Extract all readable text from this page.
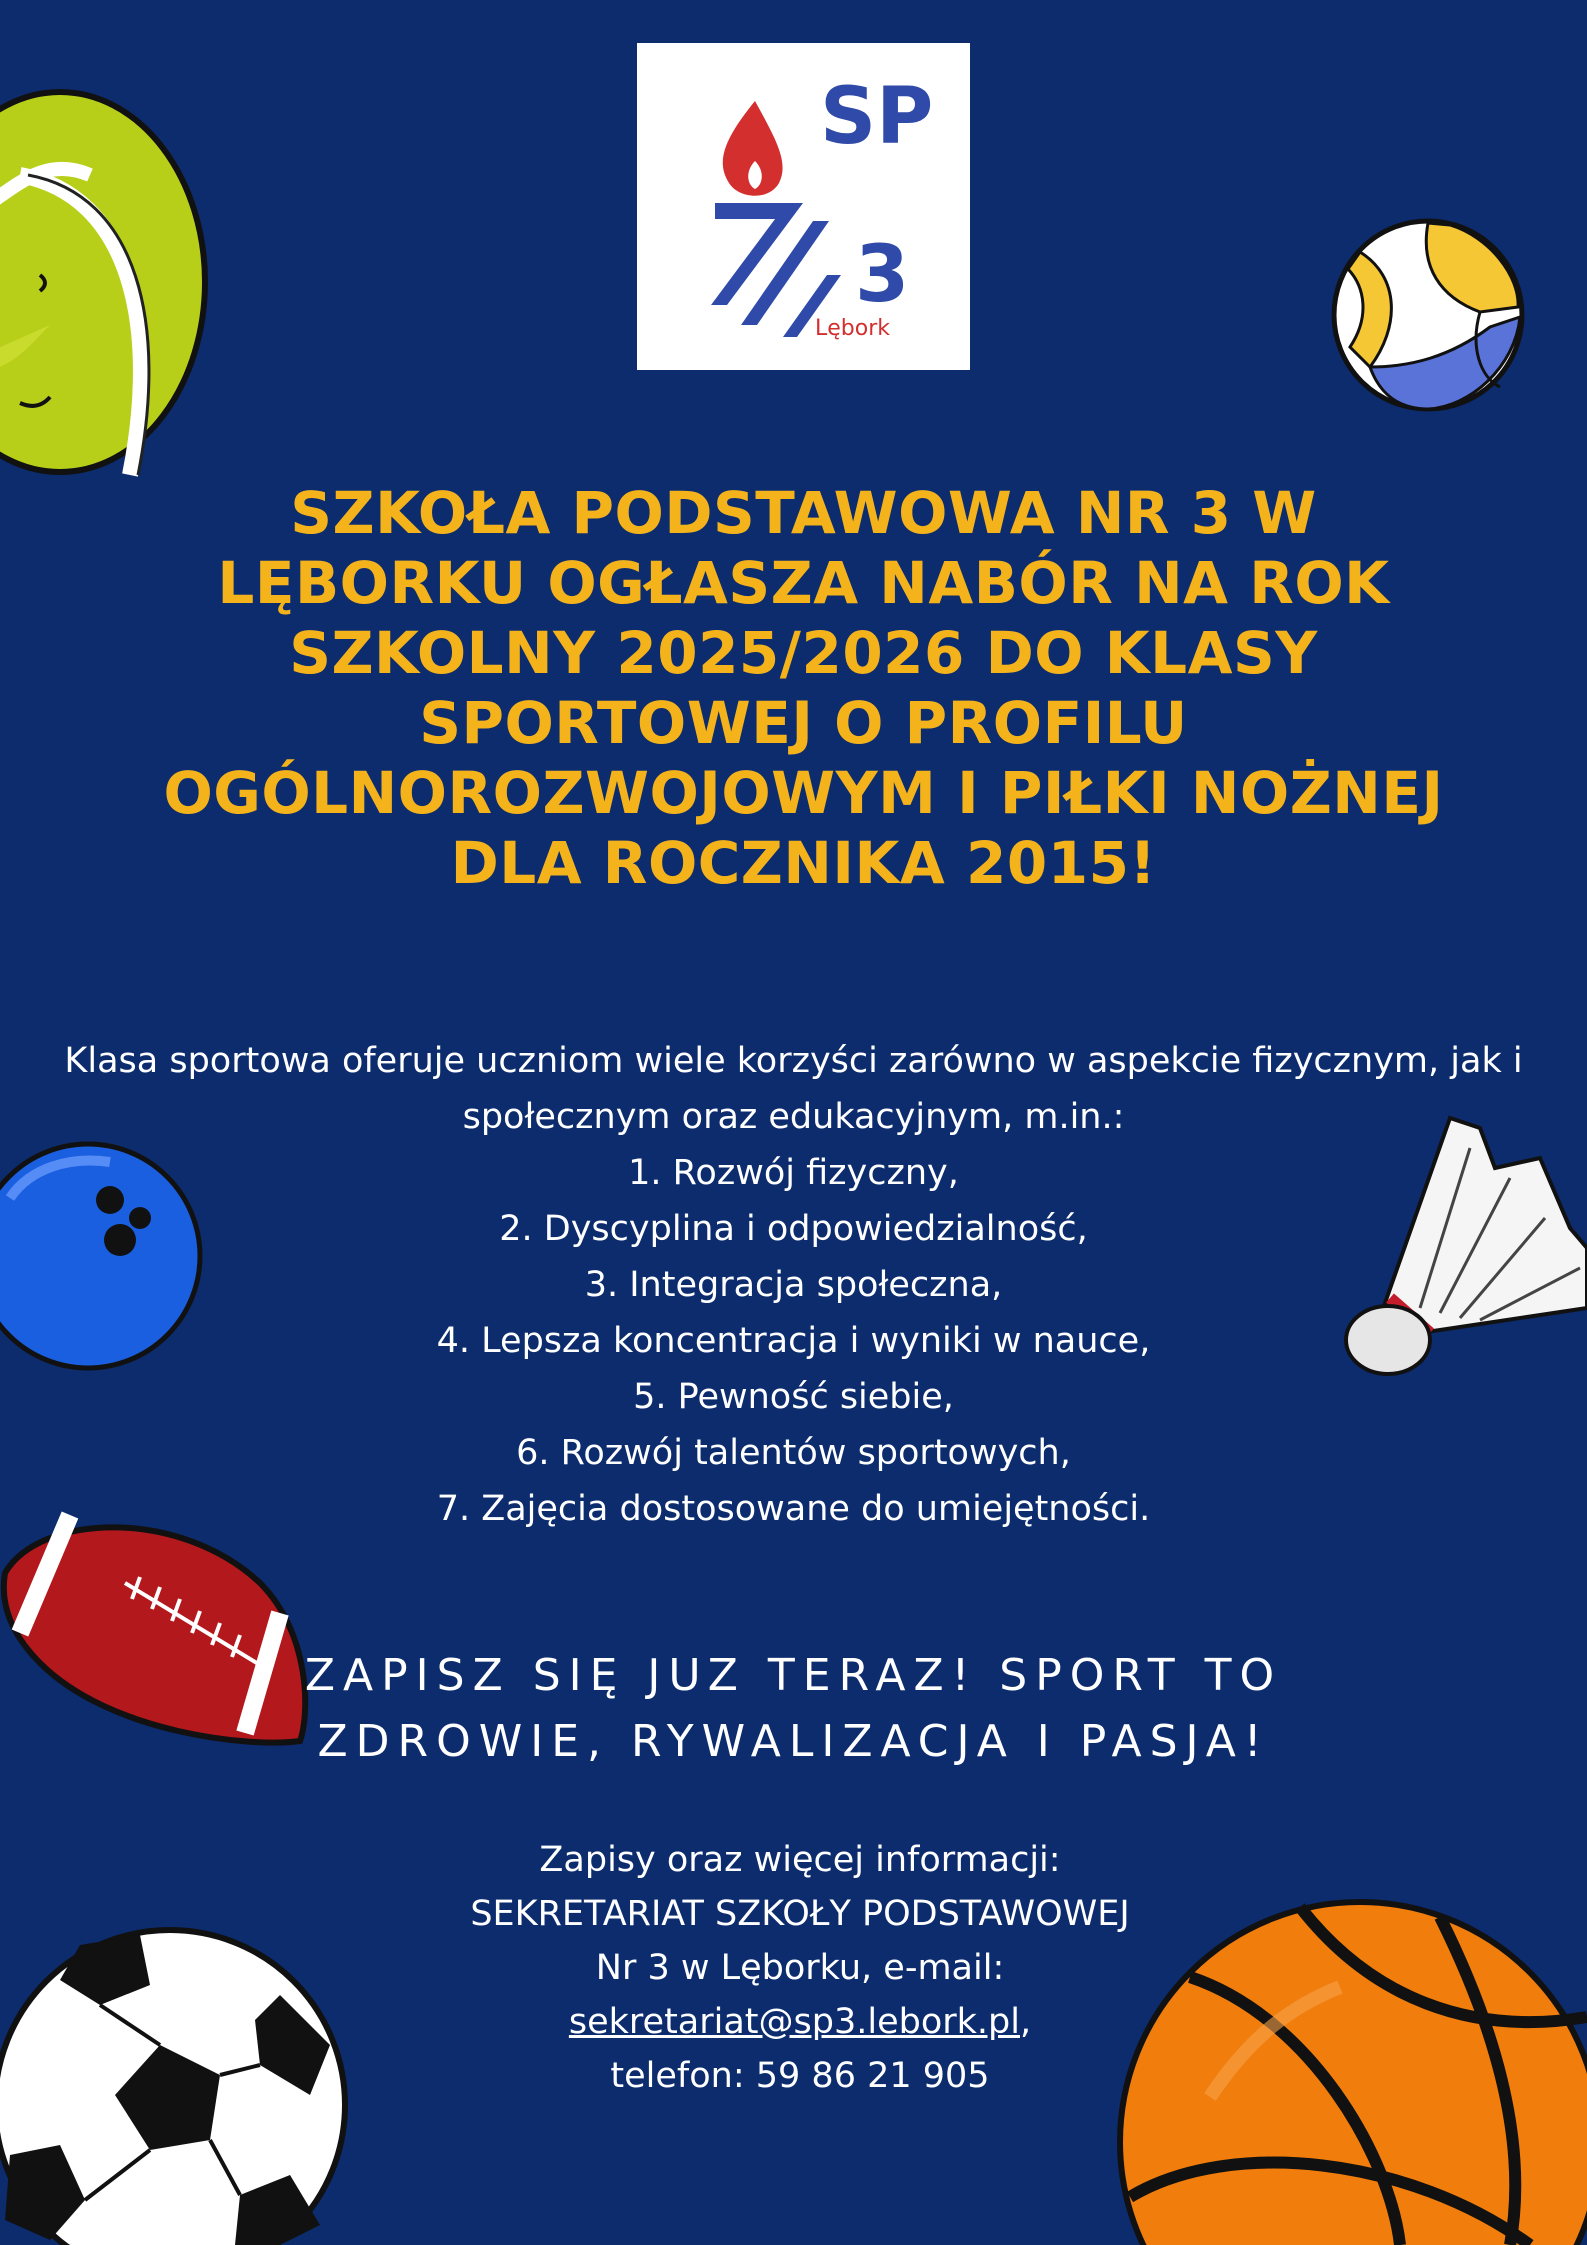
SP
3
Lębork
SZKOŁA PODSTAWOWA NR 3 W
LĘBORKU OGŁASZA NABÓR NA ROK
SZKOLNY 2025/2026 DO KLASY
SPORTOWEJ O PROFILU
OGÓLNOROZWOJOWYM I PIŁKI NOŻNEJ
DLA ROCZNIKA 2015!
Klasa sportowa oferuje uczniom wiele korzyści zarówno w aspekcie fizycznym, jak i
społecznym oraz edukacyjnym, m.in.:
1. Rozwój fizyczny,
2. Dyscyplina i odpowiedzialność,
3. Integracja społeczna,
4. Lepsza koncentracja i wyniki w nauce,
5. Pewność siebie,
6. Rozwój talentów sportowych,
7. Zajęcia dostosowane do umiejętności.
ZAPISZ SIĘ JUZ TERAZ! SPORT TO
ZDROWIE, RYWALIZACJA I PASJA!
Zapisy oraz więcej informacji:
SEKRETARIAT SZKOŁY PODSTAWOWEJ
Nr 3 w Lęborku, e-mail:
sekretariat@sp3.lebork.pl,
telefon: 59 86 21 905
